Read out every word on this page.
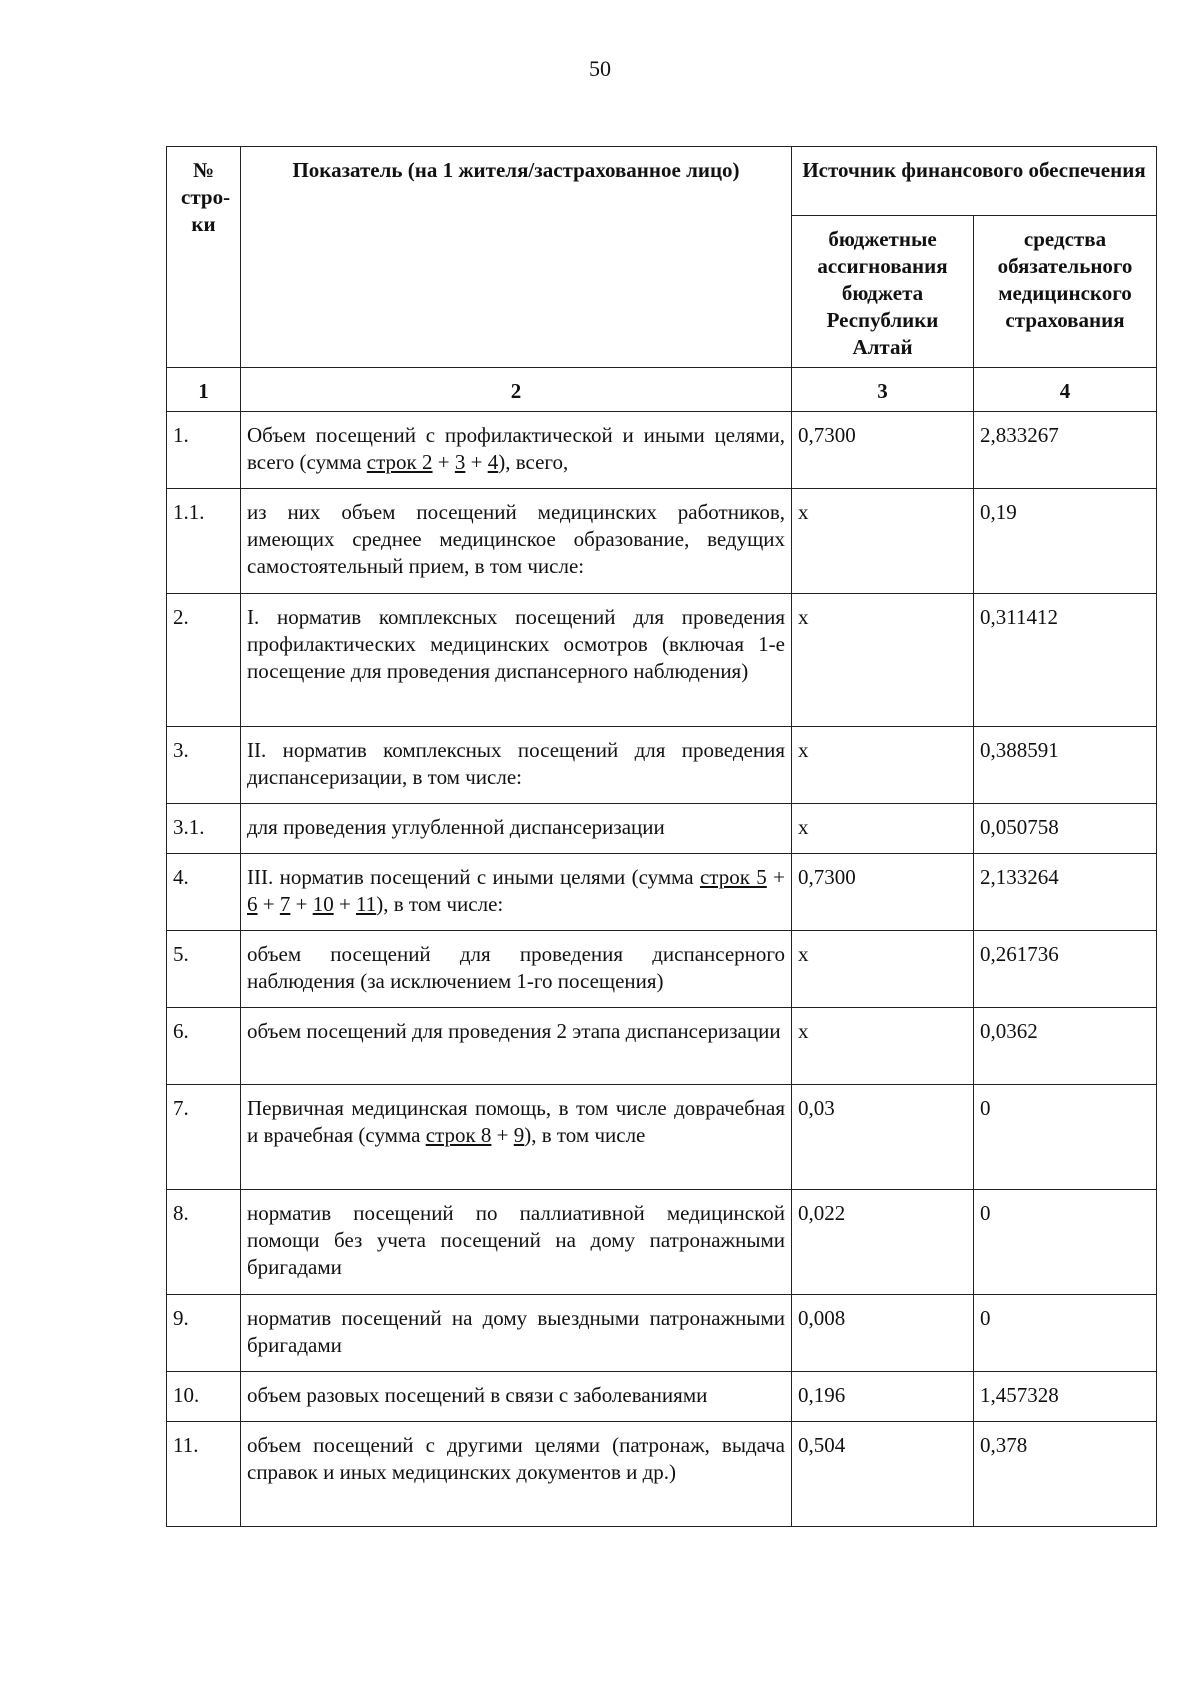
50
№ стро- ки	Показатель (на 1 жителя/застрахованное лицо)	Источник финансового обеспечения	
		бюджетные ассигнования бюджета Республики Алтай	средства обязательного медицинского страхования
1	2	3	4
1.	Объем посещений с профилактической и иными целями, всего (сумма строк 2 + 3 + 4), всего,	0,7300	2,833267
1.1.	из них объем посещений медицинских работников, имеющих среднее медицинское образование, ведущих самостоятельный прием, в том числе:	х	0,19
2.	I. норматив комплексных посещений для проведения профилактических медицинских осмотров (включая 1-е посещение для проведения диспансерного наблюдения)	х	0,311412
3.	II. норматив комплексных посещений для проведения диспансеризации, в том числе:	х	0,388591
3.1.	для проведения углубленной диспансеризации	х	0,050758
4.	III. норматив посещений с иными целями (сумма строк 5 + 6 + 7 + 10 + 11), в том числе:	0,7300	2,133264
5.	объем посещений для проведения диспансерного наблюдения (за исключением 1-го посещения)	х	0,261736
6.	объем посещений для проведения 2 этапа диспансеризации	х	0,0362
7.	Первичная медицинская помощь, в том числе доврачебная и врачебная (сумма строк 8 + 9), в том числе	0,03	0
8.	норматив посещений по паллиативной медицинской помощи без учета посещений на дому патронажными бригадами	0,022	0
9.	норматив посещений на дому выездными патронажными бригадами	0,008	0
10.	объем разовых посещений в связи с заболеваниями	0,196	1,457328
11.	объем посещений с другими целями (патронаж, выдача справок и иных медицинских документов и др.)	0,504	0,378
